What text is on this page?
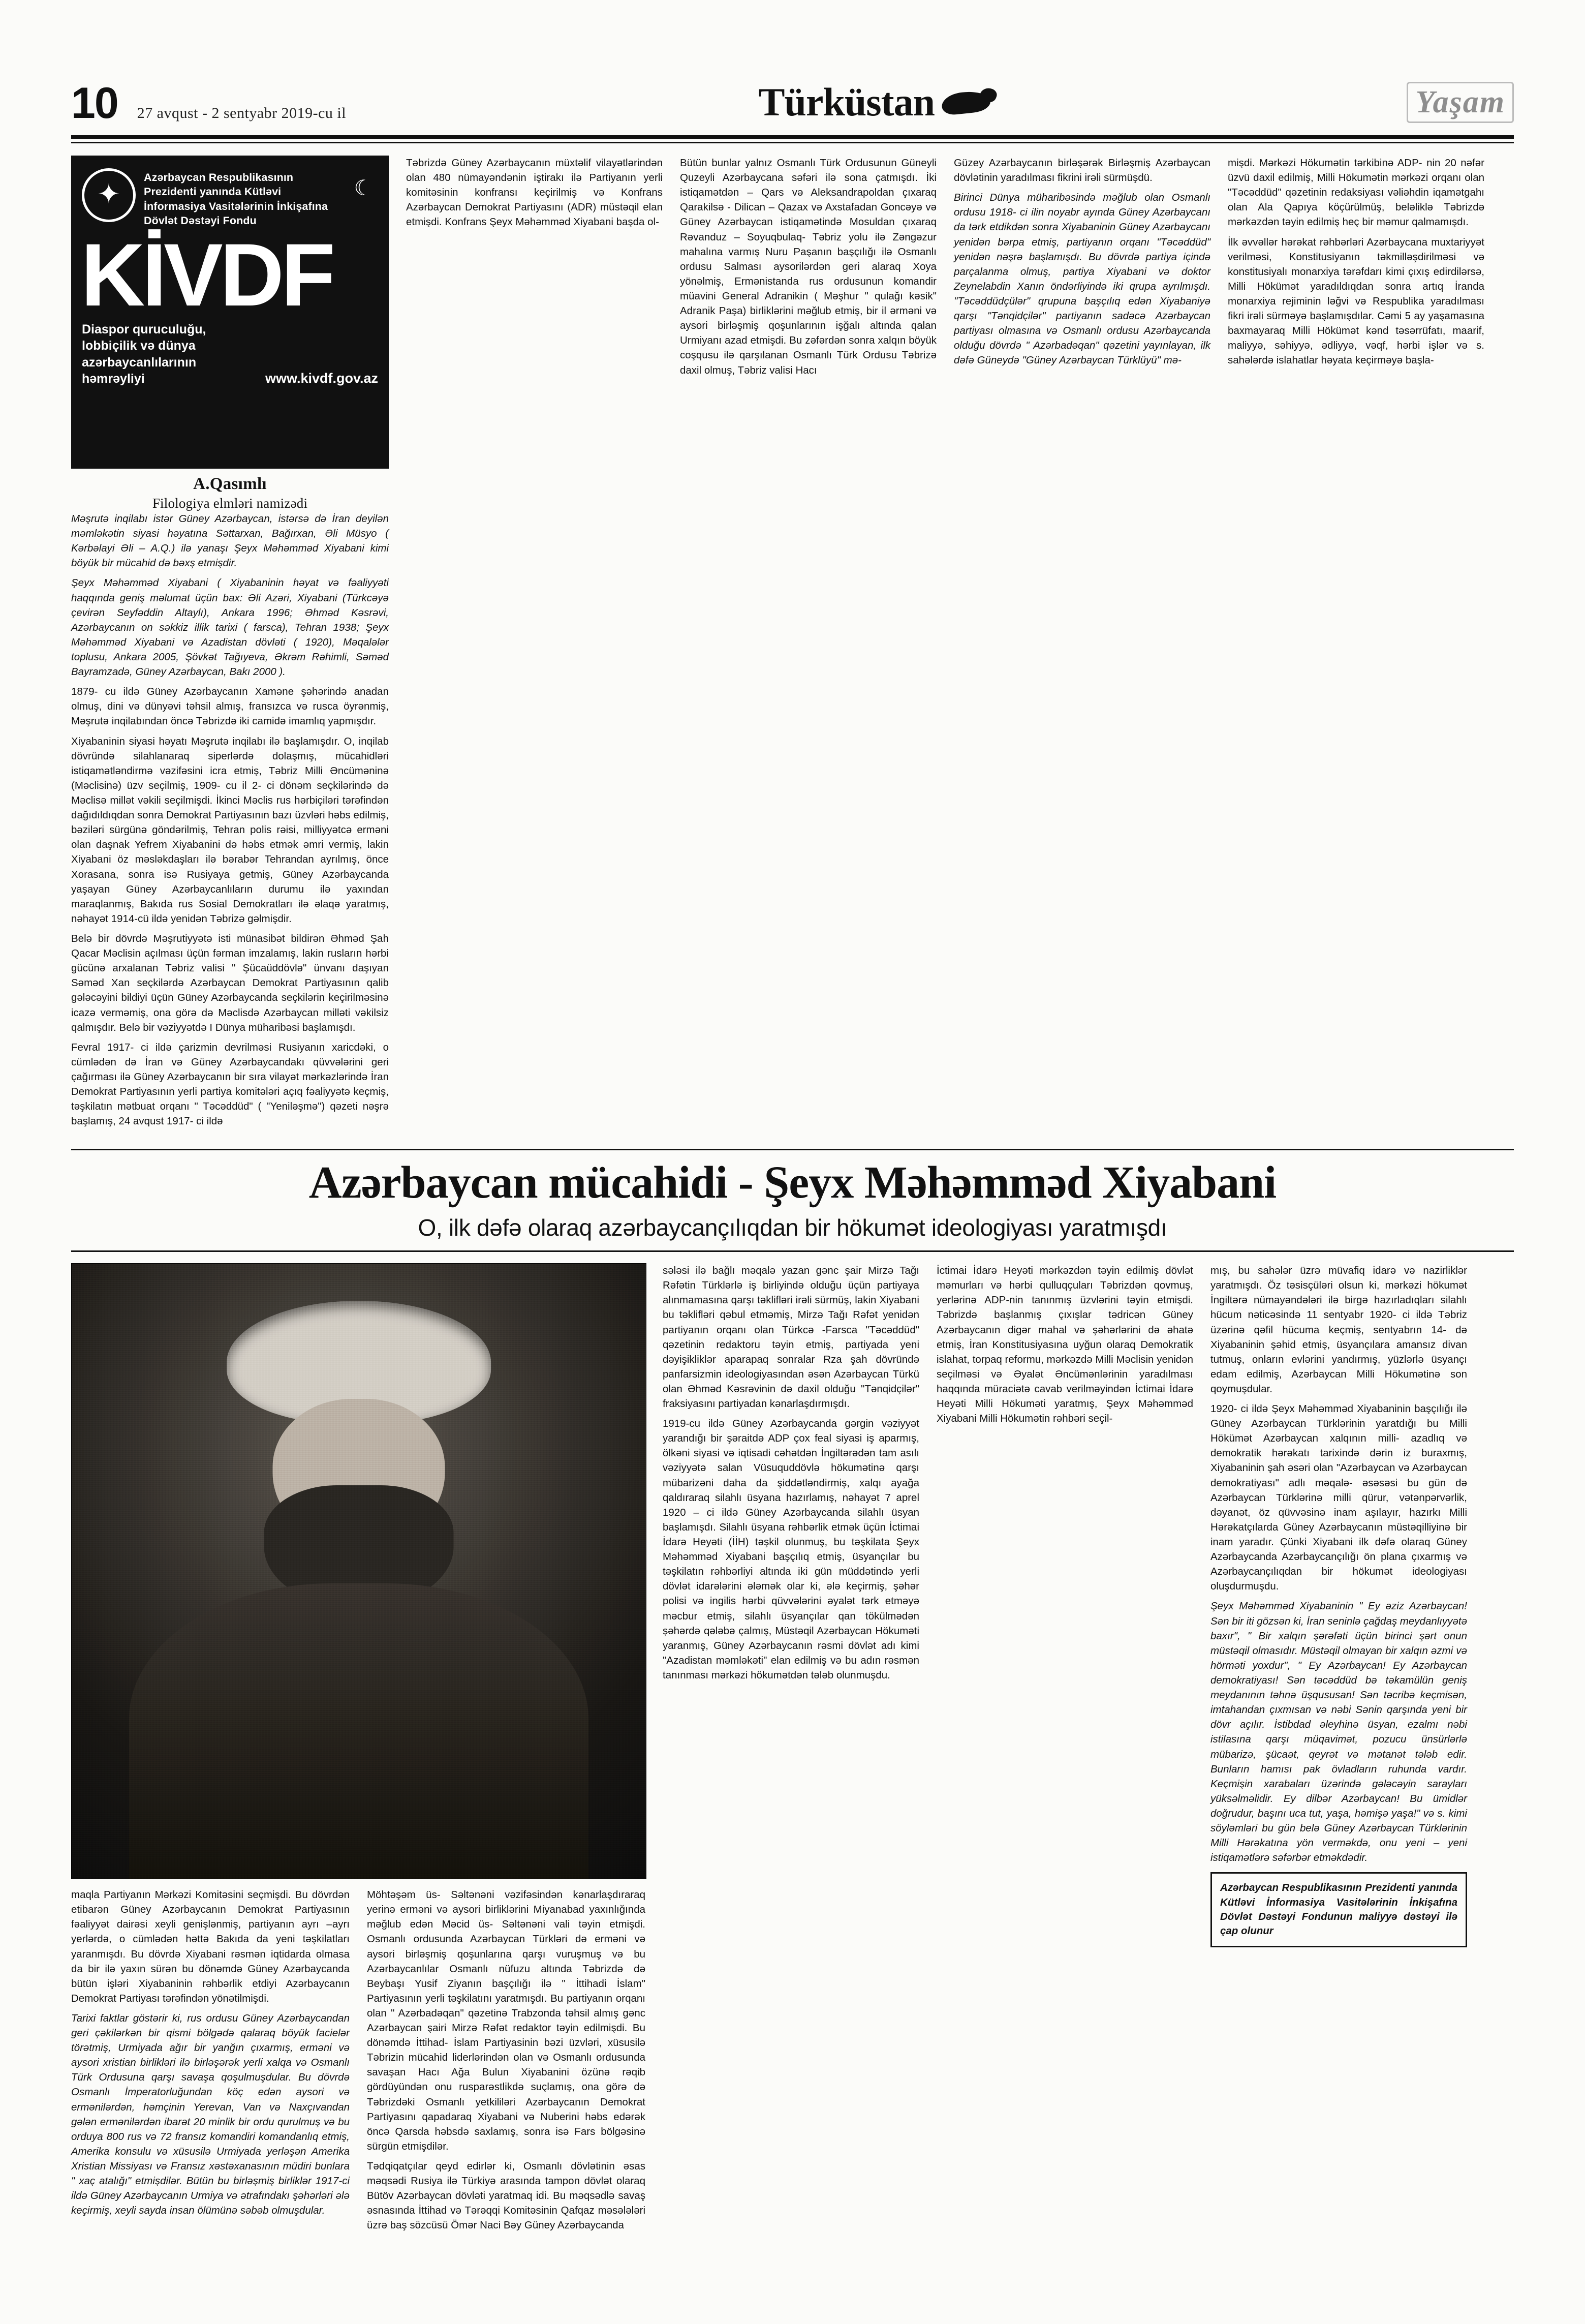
10 27 avqust - 2 sentyabr 2019-cu il	Türküstan	Yaşam
✦
Azərbaycan Respublikasının Prezidenti yanında Kütləvi İnformasiya Vasitələrinin İnkişafına Dövlət Dəstəyi Fondu
☾
KİVDF
Diaspor quruculuğu, lobbiçilik və dünya azərbaycanlılarının həmrəyliyi	www.kivdf.gov.az
A.Qasımlı
Filologiya elmləri namizədi

Məşrutə inqilabı istər Güney Azərbaycan, istərsə də İran deyilən məmləkətin siyasi həyatına Səttarxan, Bağırxan, Əli Müsyo ( Kərbəlayi Əli – A.Q.) ilə yanaşı Şeyx Məhəmməd Xiyabani kimi böyük bir mücahid də bəxş etmişdir.

Şeyx Məhəmməd Xiyabani ( Xiyabaninin həyat və fəaliyyəti haqqında geniş məlumat üçün bax: Əli Azəri, Xiyabani (Türkcəyə çevirən Seyfəddin Altaylı), Ankara 1996; Əhməd Kəsrəvi, Azərbaycanın on səkkiz illik tarixi ( farsca), Tehran 1938; Şeyx Məhəmməd Xiyabani və Azadistan dövləti ( 1920), Məqalələr toplusu, Ankara 2005, Şövkət Tağıyeva, Əkrəm Rəhimli, Səməd Bayramzadə, Güney Azərbaycan, Bakı 2000 ).

1879- cu ildə Güney Azərbaycanın Xaməne şəhərində anadan olmuş, dini və dünyəvi təhsil almış, fransızca və rusca öyrənmiş, Məşrutə inqilabından öncə Təbrizdə iki camidə imamlıq yapmışdır.

Xiyabaninin siyasi həyatı Məşrutə inqilabı ilə başlamışdır. O, inqilab dövründə silahlanaraq siperlərdə dolaşmış, mücahidləri istiqamətləndirmə vəzifəsini icra etmiş, Təbriz Milli Əncüməninə (Məclisinə) üzv seçilmiş, 1909- cu il 2- ci dönəm seçkilərində də Məclisə millət vəkili seçilmişdi. İkinci Məclis rus hərbiçiləri tərəfindən dağıdıldıqdan sonra Demokrat Partiyasının bazı üzvləri həbs edilmiş, bəziləri sürgünə göndərilmiş, Tehran polis rəisi, milliyyətcə erməni olan daşnak Yefrem Xiyabanini də həbs etmək əmri vermiş, lakin Xiyabani öz məsləkdaşları ilə bərabər Tehrandan ayrılmış, önce Xorasana, sonra isə Rusiyaya getmiş, Güney Azərbaycanda yaşayan Güney Azərbaycanlıların durumu ilə yaxından maraqlanmış, Bakıda rus Sosial Demokratları ilə əlaqə yaratmış, nəhayət 1914-cü ildə yenidən Təbrizə gəlmişdir.

Belə bir dövrdə Məşrutiyyətə isti münasibət bildirən Əhməd Şah Qacar Məclisin açılması üçün fərman imzalamış, lakin rusların hərbi gücünə arxalanan Təbriz valisi " Şücaüddövlə" ünvanı daşıyan Səməd Xan seçkilərdə Azərbaycan Demokrat Partiyasının qalib gələcəyini bildiyi üçün Güney Azərbaycanda seçkilərin keçirilməsinə icazə verməmiş, ona görə də Məclisdə Azərbaycan milləti vəkilsiz qalmışdır. Belə bir vəziyyətdə I Dünya müharibəsi başlamışdı.

Fevral 1917- ci ildə çarizmin devrilməsi Rusiyanın xaricdəki, o cümlədən də İran və Güney Azərbaycandakı qüvvələrini geri çağırması ilə Güney Azərbaycanın bir sıra vilayət mərkəzlərində İran Demokrat Partiyasının yerli partiya komitələri açıq fəaliyyətə keçmiş, təşkilatın mətbuat orqanı " Təcəddüd" ( "Yeniləşmə") qəzeti nəşrə başlamış, 24 avqust 1917- ci ildə

Təbrizdə Güney Azərbaycanın müxtəlif vilayətlərindən olan 480 nümayəndənin iştirakı ilə Partiyanın yerli komitəsinin konfransı keçirilmiş və Konfrans Azərbaycan Demokrat Partiyasını (ADR) müstəqil elan etmişdi. Konfrans Şeyx Məhəmməd Xiyabani başda ol-

Bütün bunlar yalnız Osmanlı Türk Ordusunun Güneyli Quzeyli Azərbaycana səfəri ilə sona çatmışdı. İki istiqamətdən – Qars və Aleksandrapoldan çıxaraq Qarakilsə - Dilican – Qazax və Axstafadan Goncəyə və Güney Azərbaycan istiqamətində Mosuldan çıxaraq Rəvanduz – Soyuqbulaq- Təbriz yolu ilə Zəngəzur mahalına varmış Nuru Paşanın başçılığı ilə Osmanlı ordusu Salması aysorilərdən geri alaraq Xoya yönəlmiş, Ermənistanda rus ordusunun komandir müavini General Adranikin ( Məşhur " qulağı kəsik" Adranik Paşa) birliklərini məğlub etmiş, bir il ərməni və aysori birləşmiş qoşunlarının işğalı altında qalan Urmiyanı azad etmişdi. Bu zəfərdən sonra xalqın böyük coşqusu ilə qarşılanan Osmanlı Türk Ordusu Təbrizə daxil olmuş, Təbriz valisi Hacı

Güzey Azərbaycanın birləşərək Birləşmiş Azərbaycan dövlətinin yaradılması fikrini irəli sürmüşdü.

Birinci Dünya müharibəsində məğlub olan Osmanlı ordusu 1918- ci ilin noyabr ayında Güney Azərbaycanı da tərk etdikdən sonra Xiyabaninin Güney Azərbaycanı yenidən bərpa etmiş, partiyanın orqanı "Təcəddüd" yenidən nəşrə başlamışdı. Bu dövrdə partiya içində parçalanma olmuş, partiya Xiyabani və doktor Zeynelabdin Xanın öndərliyində iki qrupa ayrılmışdı. "Təcəddüdçülər" qrupuna başçılıq edən Xiyabaniyə qarşı "Tənqidçilər" partiyanın sadəcə Azərbaycan partiyası olmasına və Osmanlı ordusu Azərbaycanda olduğu dövrdə " Azərbadəqan" qəzetini yayınlayan, ilk dəfə Güneydə "Güney Azərbaycan Türklüyü" mə-

mişdi. Mərkəzi Hökumətin tərkibinə ADP- nin 20 nəfər üzvü daxil edilmiş, Milli Hökumətin mərkəzi orqanı olan "Təcəddüd" qəzetinin redaksiyası vəliəhdin iqamətgahı olan Ala Qapıya köçürülmüş, beləliklə Təbrizdə mərkəzdən təyin edilmiş heç bir məmur qalmamışdı.

İlk əvvəllər hərəkat rəhbərləri Azərbaycana muxtariyyət verilməsi, Konstitusiyanın təkmilləşdirilməsi və konstitusiyalı monarxiya tərəfdarı kimi çıxış edirdilərsə, Milli Hökümət yaradıldıqdan sonra artıq İranda monarxiya rejiminin ləğvi və Respublika yaradılması fikri irəli sürməyə başlamışdılar. Cəmi 5 ay yaşamasına baxmayaraq Milli Hökümət kənd təsərrüfatı, maarif, maliyyə, səhiyyə, ədliyyə, vəqf, hərbi işlər və s. sahələrdə islahatlar həyata keçirməyə başla-

Azərbaycan mücahidi - Şeyx Məhəmməd Xiyabani
O, ilk dəfə olaraq azərbaycançılıqdan bir hökumət ideologiyası yaratmışdı

maqla Partiyanın Mərkəzi Komitəsini seçmişdi. Bu dövrdən etibarən Güney Azərbaycanın Demokrat Partiyasının fəaliyyət dairəsi xeyli genişlənmiş, partiyanın ayrı –ayrı yerlərdə, o cümlədən həttə Bakıda da yeni təşkilatları yaranmışdı. Bu dövrdə Xiyabani rəsmən iqtidarda olmasa da bir ilə yaxın sürən bu dönəmdə Güney Azərbaycanda bütün işləri Xiyabaninin rəhbərlik etdiyi Azərbaycanın Demokrat Partiyası tərəfindən yönətilmişdi.

Tarixi faktlar göstərir ki, rus ordusu Güney Azərbaycandan geri çəkilərkən bir qismi bölgədə qalaraq böyük facielər törətmiş, Urmiyada ağır bir yanğın çıxarmış, erməni və aysori xristian birlikləri ilə birləşərək yerli xalqa və Osmanlı Türk Ordusuna qarşı savaşa qoşulmuşdular. Bu dövrdə Osmanlı İmperatorluğundan köç edən aysori və ermənilərdən, həmçinin Yerevan, Van və Naxçıvandan gələn ermənilərdən ibarət 20 minlik bir ordu qurulmuş və bu orduya 800 rus və 72 fransız komandiri komandanlıq etmiş, Amerika konsulu və xüsusilə Urmiyada yerləşən Amerika Xristian Missiyası və Fransız xəstəxanasının müdiri bunlara " xaç atalığı" etmişdilər. Bütün bu birləşmiş birliklər 1917-ci ildə Güney Azərbaycanın Urmiya və ətrafındakı şəhərləri ələ keçirmiş, xeyli sayda insan ölümünə səbəb olmuşdular.

Möhtəşəm üs- Səltənəni vəzifəsindən kənarlaşdıraraq yerinə erməni və aysori birliklərini Miyanabad yaxınlığında məğlub edən Məcid üs- Səltənəni vali təyin etmişdi. Osmanlı ordusunda Azərbaycan Türkləri də erməni və aysori birləşmiş qoşunlarına qarşı vuruşmuş və bu Azərbaycanlılar Osmanlı nüfuzu altında Təbrizdə də Beybaşı Yusif Ziyanın başçılığı ilə " İttihadi İslam" Partiyasının yerli təşkilatını yaratmışdı. Bu partiyanın orqanı olan " Azərbadəqan" qəzetinə Trabzonda təhsil almış gənc Azərbaycan şairi Mirzə Rəfət redaktor təyin edilmişdi. Bu dönəmdə İttihad- İslam Partiyasinin bəzi üzvləri, xüsusilə Təbrizin mücahid liderlərindən olan və Osmanlı ordusunda savaşan Hacı Ağa Bulun Xiyabanini özünə rəqib gördüyündən onu rusparəstlikdə suçlamış, ona görə də Təbrizdəki Osmanlı yetkililəri Azərbaycanın Demokrat Partiyasını qapadaraq Xiyabani və Nuberini həbs edərək öncə Qarsda həbsdə saxlamış, sonra isə Fars bölgəsinə sürgün etmişdilər.

Tədqiqatçılar qeyd edirlər ki, Osmanlı dövlətinin əsas məqsədi Rusiya ilə Türkiyə arasında tampon dövlət olaraq Bütöv Azərbaycan dövləti yaratmaq idi. Bu məqsədlə savaş əsnasında İttihad və Tərəqqi Komitəsinin Qafqaz məsələləri üzrə baş sözcüsü Ömər Naci Bəy Güney Azərbaycanda

sələsi ilə bağlı məqalə yazan gənc şair Mirzə Tağı Rəfətin Türklərlə iş birliyində olduğu üçün partiyaya alınmamasına qarşı təklifləri irəli sürmüş, lakin Xiyabani bu təklifləri qəbul etməmiş, Mirzə Tağı Rəfət yenidən partiyanın orqanı olan Türkcə -Farsca "Təcəddüd" qəzetinin redaktoru təyin etmiş, partiyada yeni dəyişikliklər aparараq sonralar Rza şah dövründə panfarsizmin ideologiyasından əsən Azərbaycan Türkü olan Əhməd Kəsrəvinin də daxil olduğu "Tənqidçilər" fraksiyasını partiyadan kənarlaşdırmışdı.

1919-cu ildə Güney Azərbaycanda gərgin vəziyyət yarandığı bir şəraitdə ADP çox feal siyasi iş aparmış, ölkəni siyasi və iqtisadi cəhətdən İngiltərədən tam asılı vəziyyətə salan Vüsuquddövlə hökumətinə qarşı mübarizəni daha da şiddətləndirmiş, xalqı ayağa qaldıraraq silahlı üsyana hazırlamış, nəhayət 7 aprel 1920 – ci ildə Güney Azərbaycanda silahlı üsyan başlamışdı. Silahlı üsyana rəhbərlik etmək üçün İctimai İdarə Heyəti (İİH) təşkil olunmuş, bu təşkilata Şeyx Məhəmməd Xiyabani başçılıq etmiş, üsyançılar bu təşkilatın rəhbərliyi altında iki gün müddətində yerli dövlət idarələrini ələmək olar ki, ələ keçirmiş, şəhər polisi və ingilis hərbi qüvvələrini əyalət tərk etməyə məcbur etmiş, silahlı üsyançılar qan tökülmədən şəhərdə qələbə çalmış, Müstəqil Azərbaycan Hökuməti yaranmış, Güney Azərbaycanın rəsmi dövlət adı kimi "Azadistan məmləkəti" elan edilmiş və bu adın rəsmən tanınması mərkəzi hökumətdən tələb olunmuşdu.

İctimai İdarə Heyəti mərkəzdən təyin edilmiş dövlət məmurları və hərbi qulluqçuları Təbrizdən qovmuş, yerlərinə ADP-nin tanınmış üzvlərini təyin etmişdi. Təbrizdə başlanmış çıxışlar tədricən Güney Azərbaycanın digər mahal və şəhərlərini də əhatə etmiş, İran Konstitusiyasına uyğun olaraq Demokratik islahat, torpaq reformu, mərkəzdə Milli Məclisin yenidən seçilməsi və Əyalət Əncümənlərinin yaradılması haqqında müraciətə cavab verilməyindən İctimai İdarə Heyəti Milli Hökuməti yaratmış, Şeyx Məhəmməd Xiyabani Milli Hökumətin rəhbəri seçil-

mış, bu sahələr üzrə müvafiq idarə və nazirliklər yaratmışdı. Öz təsisçüləri olsun ki, mərkəzi hökumət İngiltərə nümayəndələri ilə birgə hazırladıqları silahlı hücum nəticəsində 11 sentyabr 1920- ci ildə Təbriz üzərinə qəfil hücuma keçmiş, sentyabrın 14- də Xiyabaninin şəhid etmiş, üsyançılara amansız divan tutmuş, onların evlərini yandırmış, yüzlərlə üsyançı edam edilmiş, Azərbaycan Milli Hökumətinə son qoymuşdular.

1920- ci ildə Şeyx Məhəmməd Xiyabaninin başçılığı ilə Güney Azərbaycan Türklərinin yaratdığı bu Milli Hökümət Azərbaycan xalqının milli- azadlıq və demokratik hərəkatı tarixində dərin iz buraxmış, Xiyabaninin şah əsəri olan "Azərbaycan və Azərbaycan demokratiyası" adlı məqalə- əsəsəsi bu gün də Azərbaycan Türklərinə milli qürur, vətənpərvərlik, dəyanət, öz qüvvəsinə inam aşılayır, hazırkı Milli Hərəkatçılarda Güney Azərbaycanın müstəqilliyinə bir inam yaradır. Çünki Xiyabani ilk dəfə olaraq Güney Azərbaycanda Azərbaycançılığı ön plana çıxarmış və Azərbaycançılıqdan bir hökumət ideologiyası oluşdurmuşdu.

Şeyx Məhəmməd Xiyabaninin " Ey əziz Azərbaycan! Sən bir iti gözsən ki, İran seninlə çağdaş meydanlıyyətə baxır", " Bir xalqın şərəfəti üçün birinci şərt onun müstəqil olmasıdır. Müstəqil olmayan bir xalqın əzmi və hörməti yoxdur", " Ey Azərbaycan! Ey Azərbaycan demokratiyası! Sən təcəddüd bə təkamülün geniş meydanının təhnə üşqususan! Sən təcribə keçmisən, imtahandan çıxmısan və nəbi Sənin qarşında yeni bir dövr açılır. İstibdad əleyhinə üsyan, ezalmı nəbi istilasına qarşı müqavimət, pozucu ünsürlərlə mübarizə, şücaət, qeyrət və mətanət tələb edir. Bunların hamısı pak övladların ruhunda vardır. Keçmişin xarabaları üzərində gələcəyin sarayları yüksəlməlidir. Ey dilbər Azərbaycan! Bu ümidlər doğrudur, başını uca tut, yaşa, həmişə yaşa!" və s. kimi söyləmləri bu gün belə Güney Azərbaycan Türklərinin Milli Hərəkatına yön verməkdə, onu yeni – yeni istiqamətlərə səfərbər etməkdədir.

Azərbaycan Respublikasının Prezidenti yanında Kütləvi İnformasiya Vasitələrinin İnkişafına Dövlət Dəstəyi Fondunun maliyyə dəstəyi ilə çap olunur
